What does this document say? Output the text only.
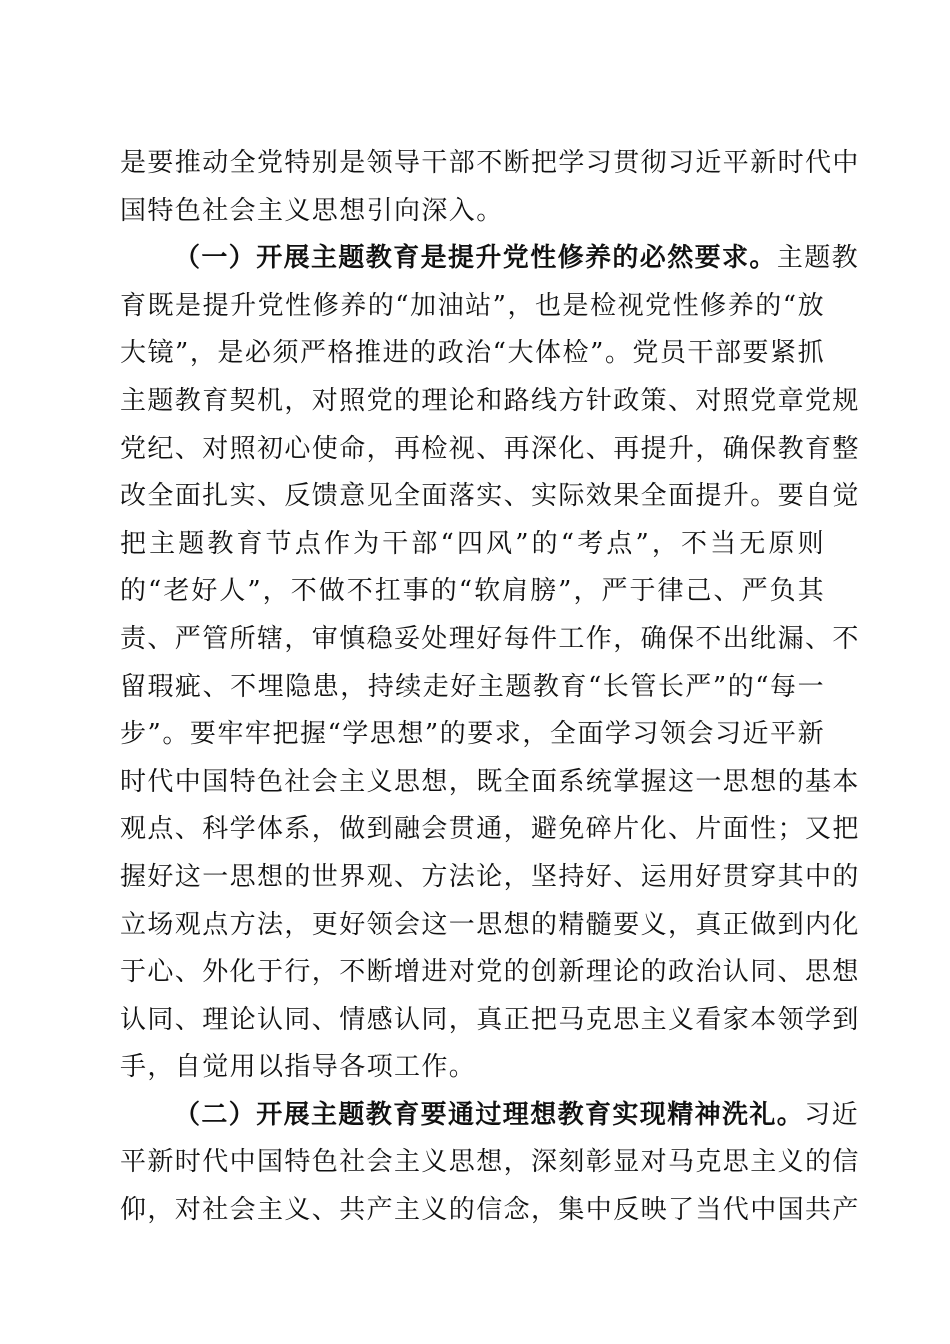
是要推动全党特别是领导干部不断把学习贯彻习近平新时代中
国特色社会主义思想引向深入。
（一）开展主题教育是提升党性修养的必然要求。主题教
育既是提升党性修养的“加油站”，也是检视党性修养的“放
大镜”，是必须严格推进的政治“大体检”。党员干部要紧抓
主题教育契机，对照党的理论和路线方针政策、对照党章党规
党纪、对照初心使命，再检视、再深化、再提升，确保教育整
改全面扎实、反馈意见全面落实、实际效果全面提升。要自觉
把主题教育节点作为干部“四风”的“考点”，不当无原则
的“老好人”，不做不扛事的“软肩膀”，严于律己、严负其
责、严管所辖，审慎稳妥处理好每件工作，确保不出纰漏、不
留瑕疵、不埋隐患，持续走好主题教育“长管长严”的“每一
步”。要牢牢把握“学思想”的要求，全面学习领会习近平新
时代中国特色社会主义思想，既全面系统掌握这一思想的基本
观点、科学体系，做到融会贯通，避免碎片化、片面性；又把
握好这一思想的世界观、方法论，坚持好、运用好贯穿其中的
立场观点方法，更好领会这一思想的精髓要义，真正做到内化
于心、外化于行，不断增进对党的创新理论的政治认同、思想
认同、理论认同、情感认同，真正把马克思主义看家本领学到
手，自觉用以指导各项工作。
（二）开展主题教育要通过理想教育实现精神洗礼。习近
平新时代中国特色社会主义思想，深刻彰显对马克思主义的信
仰，对社会主义、共产主义的信念，集中反映了当代中国共产
